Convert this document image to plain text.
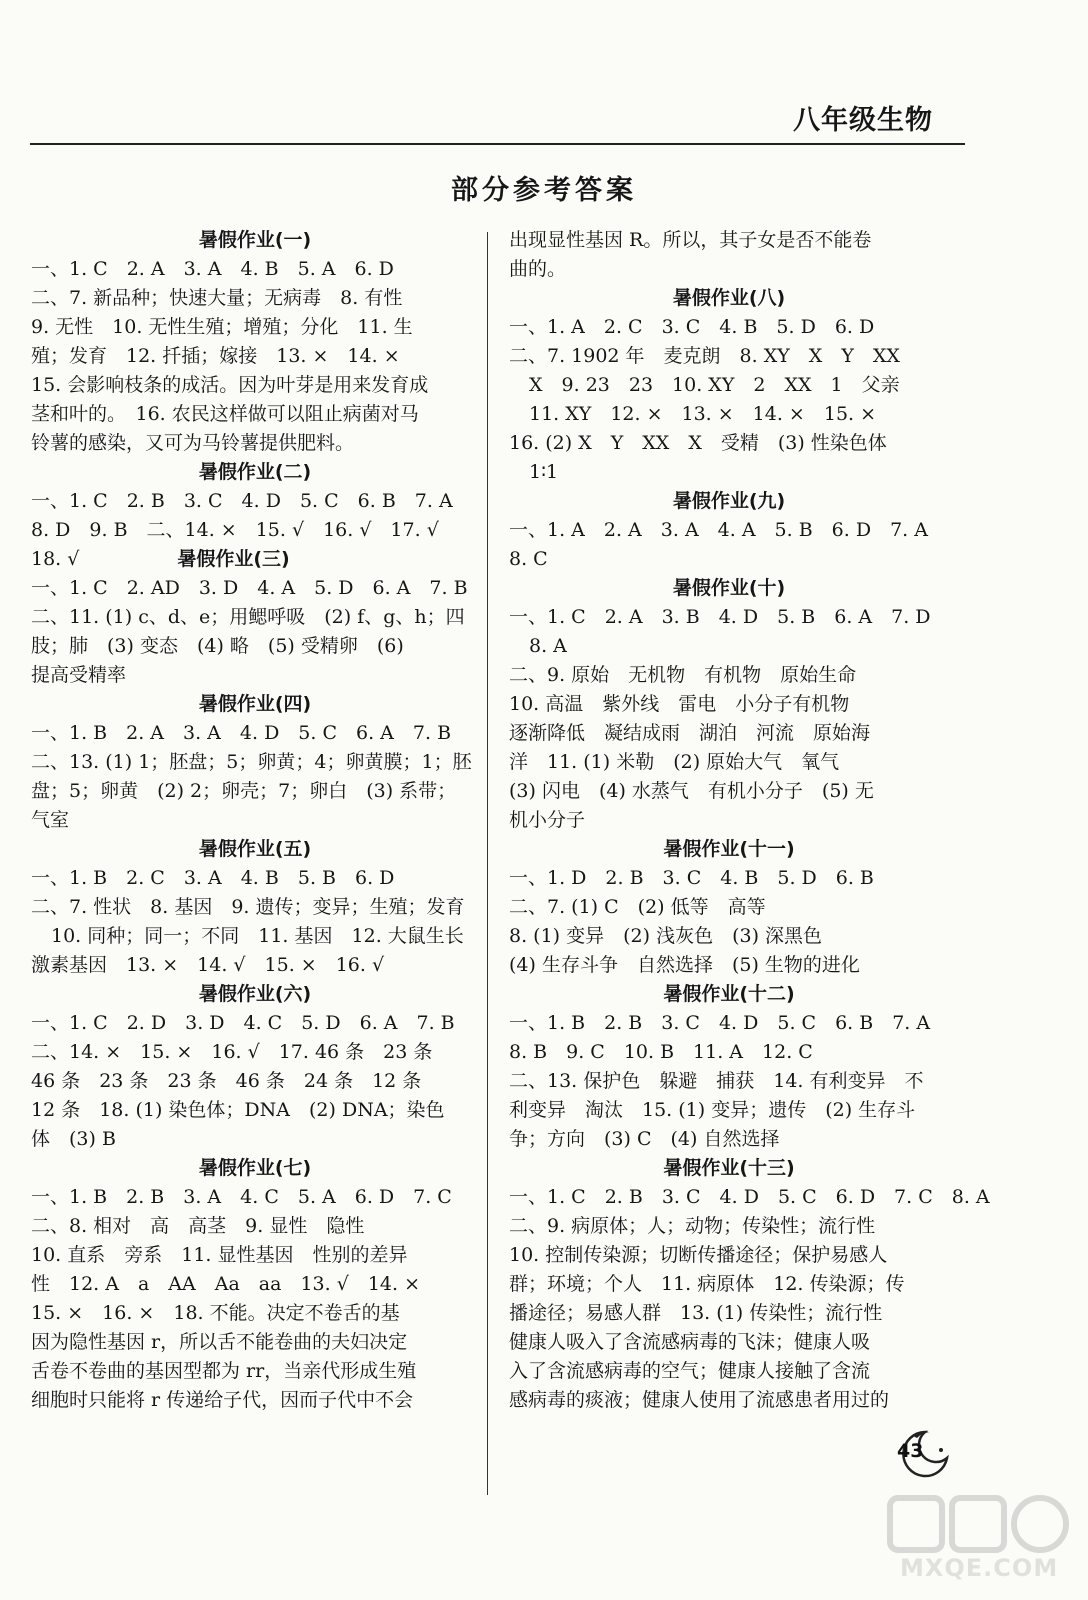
八年级生物
部分参考答案
暑假作业(一)
一、1. C　2. A　3. A　4. B　5. A　6. D
二、7. 新品种；快速大量；无病毒　8. 有性
9. 无性　10. 无性生殖；增殖；分化　11. 生
殖；发育　12. 扦插；嫁接　13. ×　14. ×
15. 会影响枝条的成活。因为叶芽是用来发育成
茎和叶的。　16. 农民这样做可以阻止病菌对马
铃薯的感染，又可为马铃薯提供肥料。
暑假作业(二)
一、1. C　2. B　3. C　4. D　5. C　6. B　7. A
8. D　9. B　二、14. ×　15. √　16. √　17. √
18. √	暑假作业(三)
一、1. C　2. AD　3. D　4. A　5. D　6. A　7. B
二、11. (1) c、d、e；用鳃呼吸　(2) f、g、h；四
肢；肺　(3) 变态　(4) 略　(5) 受精卵　(6)
提高受精率
暑假作业(四)
一、1. B　2. A　3. A　4. D　5. C　6. A　7. B
二、13. (1) 1；胚盘；5；卵黄；4；卵黄膜；1；胚
盘；5；卵黄　(2) 2；卵壳；7；卵白　(3) 系带；
气室
暑假作业(五)
一、1. B　2. C　3. A　4. B　5. B　6. D
二、7. 性状　8. 基因　9. 遗传；变异；生殖；发育
10. 同种；同一；不同　11. 基因　12. 大鼠生长
激素基因　13. ×　14. √　15. ×　16. √
暑假作业(六)
一、1. C　2. D　3. D　4. C　5. D　6. A　7. B
二、14. ×　15. ×　16. √　17. 46 条　23 条
46 条　23 条　23 条　46 条　24 条　12 条
12 条　18. (1) 染色体；DNA　(2) DNA；染色
体　(3) B
暑假作业(七)
一、1. B　2. B　3. A　4. C　5. A　6. D　7. C
二、8. 相对　高　高茎　9. 显性　隐性
10. 直系　旁系　11. 显性基因　性别的差异
性　12. A　a　AA　Aa　aa　13. √　14. ×
15. ×　16. ×　18. 不能。决定不卷舌的基
因为隐性基因 r，所以舌不能卷曲的夫妇决定
舌卷不卷曲的基因型都为 rr，当亲代形成生殖
细胞时只能将 r 传递给子代，因而子代中不会
出现显性基因 R。所以，其子女是否不能卷
曲的。
暑假作业(八)
一、1. A　2. C　3. C　4. B　5. D　6. D
二、7. 1902 年　麦克朗　8. XY　X　Y　XX
X　9. 23　23　10. XY　2　XX　1　父亲
11. XY　12. ×　13. ×　14. ×　15. ×
16. (2) X　Y　XX　X　受精　(3) 性染色体
1∶1
暑假作业(九)
一、1. A　2. A　3. A　4. A　5. B　6. D　7. A
8. C
暑假作业(十)
一、1. C　2. A　3. B　4. D　5. B　6. A　7. D
8. A
二、9. 原始　无机物　有机物　原始生命
10. 高温　紫外线　雷电　小分子有机物
逐渐降低　凝结成雨　湖泊　河流　原始海
洋　11. (1) 米勒　(2) 原始大气　氧气
(3) 闪电　(4) 水蒸气　有机小分子　(5) 无
机小分子
暑假作业(十一)
一、1. D　2. B　3. C　4. B　5. D　6. B
二、7. (1) C　(2) 低等　高等
8. (1) 变异　(2) 浅灰色　(3) 深黑色
(4) 生存斗争　自然选择　(5) 生物的进化
暑假作业(十二)
一、1. B　2. B　3. C　4. D　5. C　6. B　7. A
8. B　9. C　10. B　11. A　12. C
二、13. 保护色　躲避　捕获　14. 有利变异　不
利变异　淘汰　15. (1) 变异；遗传　(2) 生存斗
争；方向　(3) C　(4) 自然选择
暑假作业(十三)
一、1. C　2. B　3. C　4. D　5. C　6. D　7. C　8. A
二、9. 病原体；人；动物；传染性；流行性
10. 控制传染源；切断传播途径；保护易感人
群；环境；个人　11. 病原体　12. 传染源；传
播途径；易感人群　13. (1) 传染性；流行性
健康人吸入了含流感病毒的飞沫；健康人吸
入了含流感病毒的空气；健康人接触了含流
感病毒的痰液；健康人使用了流感患者用过的
43
MXQE.COM
